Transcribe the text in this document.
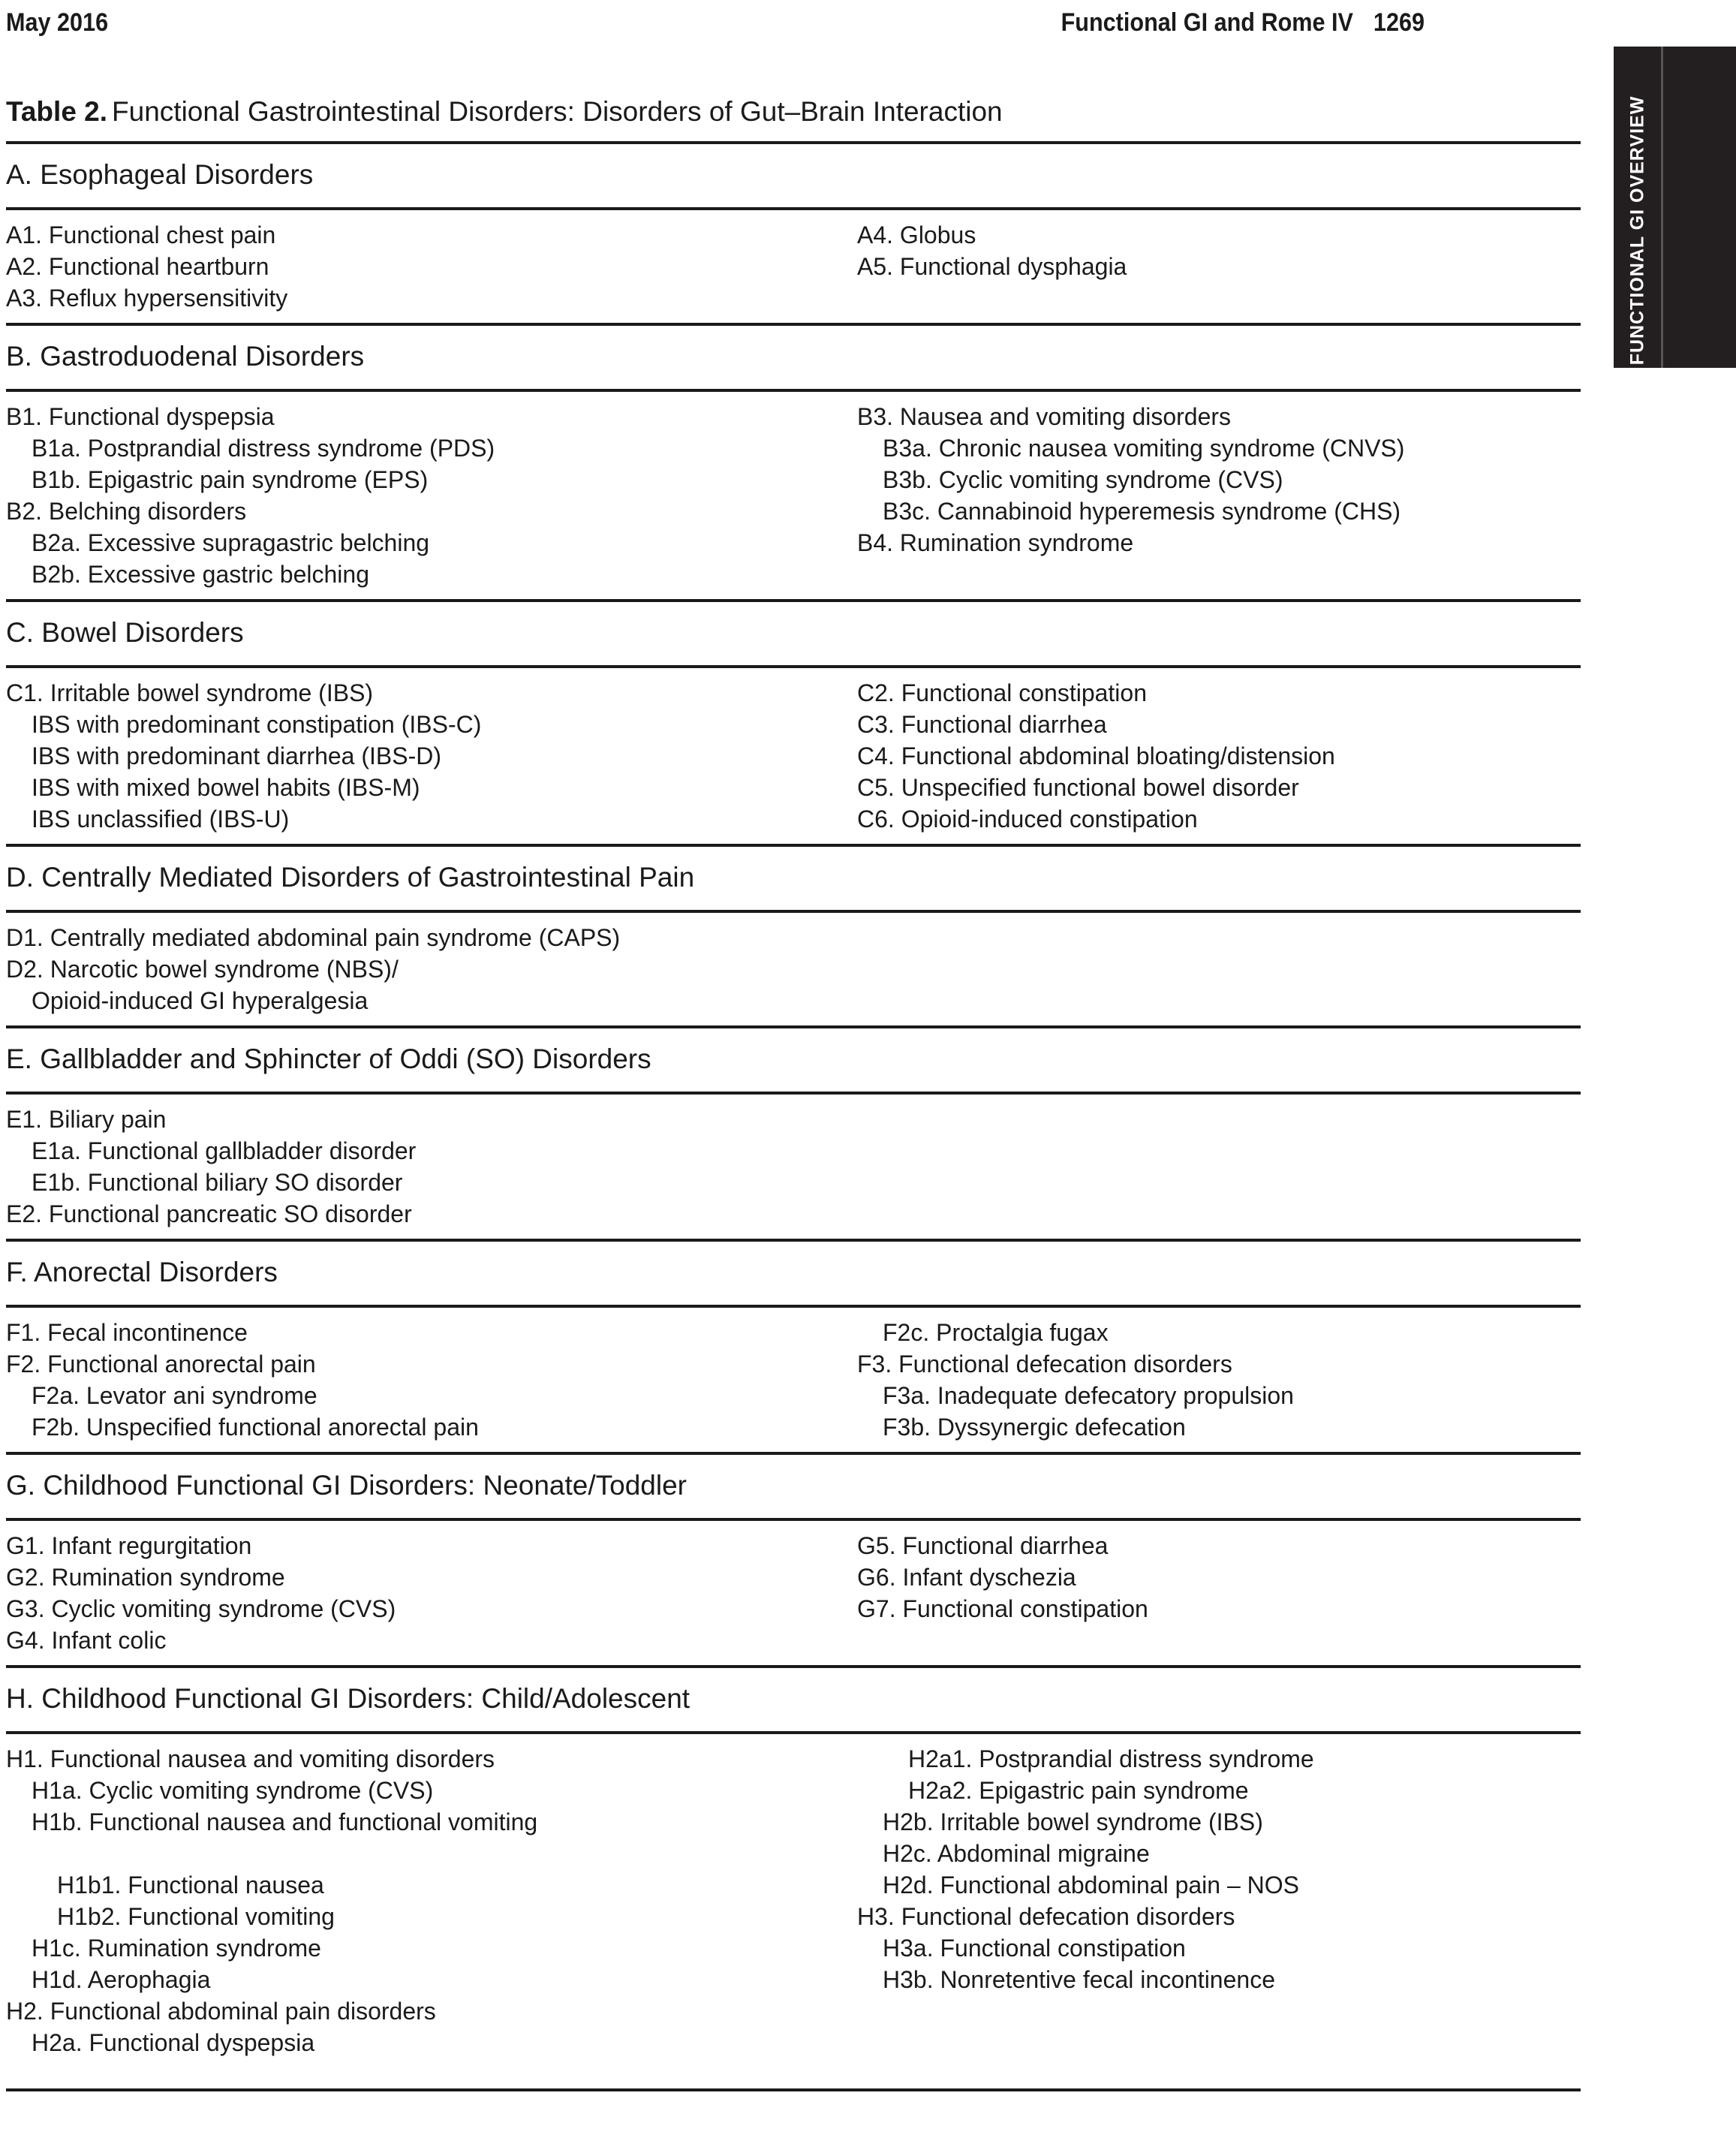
May 2016	Functional GI and Rome IV 1269
FUNCTIONAL GI OVERVIEW
Table 2. Functional Gastrointestinal Disorders: Disorders of Gut–Brain Interaction
A. Esophageal Disorders
A1. Functional chest pain
A2. Functional heartburn
A3. Reflux hypersensitivity
A4. Globus
A5. Functional dysphagia
B. Gastroduodenal Disorders
B1. Functional dyspepsia
B1a. Postprandial distress syndrome (PDS)
B1b. Epigastric pain syndrome (EPS)
B2. Belching disorders
B2a. Excessive supragastric belching
B2b. Excessive gastric belching
B3. Nausea and vomiting disorders
B3a. Chronic nausea vomiting syndrome (CNVS)
B3b. Cyclic vomiting syndrome (CVS)
B3c. Cannabinoid hyperemesis syndrome (CHS)
B4. Rumination syndrome
C. Bowel Disorders
C1. Irritable bowel syndrome (IBS)
IBS with predominant constipation (IBS-C)
IBS with predominant diarrhea (IBS-D)
IBS with mixed bowel habits (IBS-M)
IBS unclassified (IBS-U)
C2. Functional constipation
C3. Functional diarrhea
C4. Functional abdominal bloating/distension
C5. Unspecified functional bowel disorder
C6. Opioid-induced constipation
D. Centrally Mediated Disorders of Gastrointestinal Pain
D1. Centrally mediated abdominal pain syndrome (CAPS)
D2. Narcotic bowel syndrome (NBS)/
Opioid-induced GI hyperalgesia
E. Gallbladder and Sphincter of Oddi (SO) Disorders
E1. Biliary pain
E1a. Functional gallbladder disorder
E1b. Functional biliary SO disorder
E2. Functional pancreatic SO disorder
F. Anorectal Disorders
F1. Fecal incontinence
F2. Functional anorectal pain
F2a. Levator ani syndrome
F2b. Unspecified functional anorectal pain
F2c. Proctalgia fugax
F3. Functional defecation disorders
F3a. Inadequate defecatory propulsion
F3b. Dyssynergic defecation
G. Childhood Functional GI Disorders: Neonate/Toddler
G1. Infant regurgitation
G2. Rumination syndrome
G3. Cyclic vomiting syndrome (CVS)
G4. Infant colic
G5. Functional diarrhea
G6. Infant dyschezia
G7. Functional constipation
H. Childhood Functional GI Disorders: Child/Adolescent
H1. Functional nausea and vomiting disorders
H1a. Cyclic vomiting syndrome (CVS)
H1b. Functional nausea and functional vomiting
H1b1. Functional nausea
H1b2. Functional vomiting
H1c. Rumination syndrome
H1d. Aerophagia
H2. Functional abdominal pain disorders
H2a. Functional dyspepsia
H2a1. Postprandial distress syndrome
H2a2. Epigastric pain syndrome
H2b. Irritable bowel syndrome (IBS)
H2c. Abdominal migraine
H2d. Functional abdominal pain – NOS
H3. Functional defecation disorders
H3a. Functional constipation
H3b. Nonretentive fecal incontinence
